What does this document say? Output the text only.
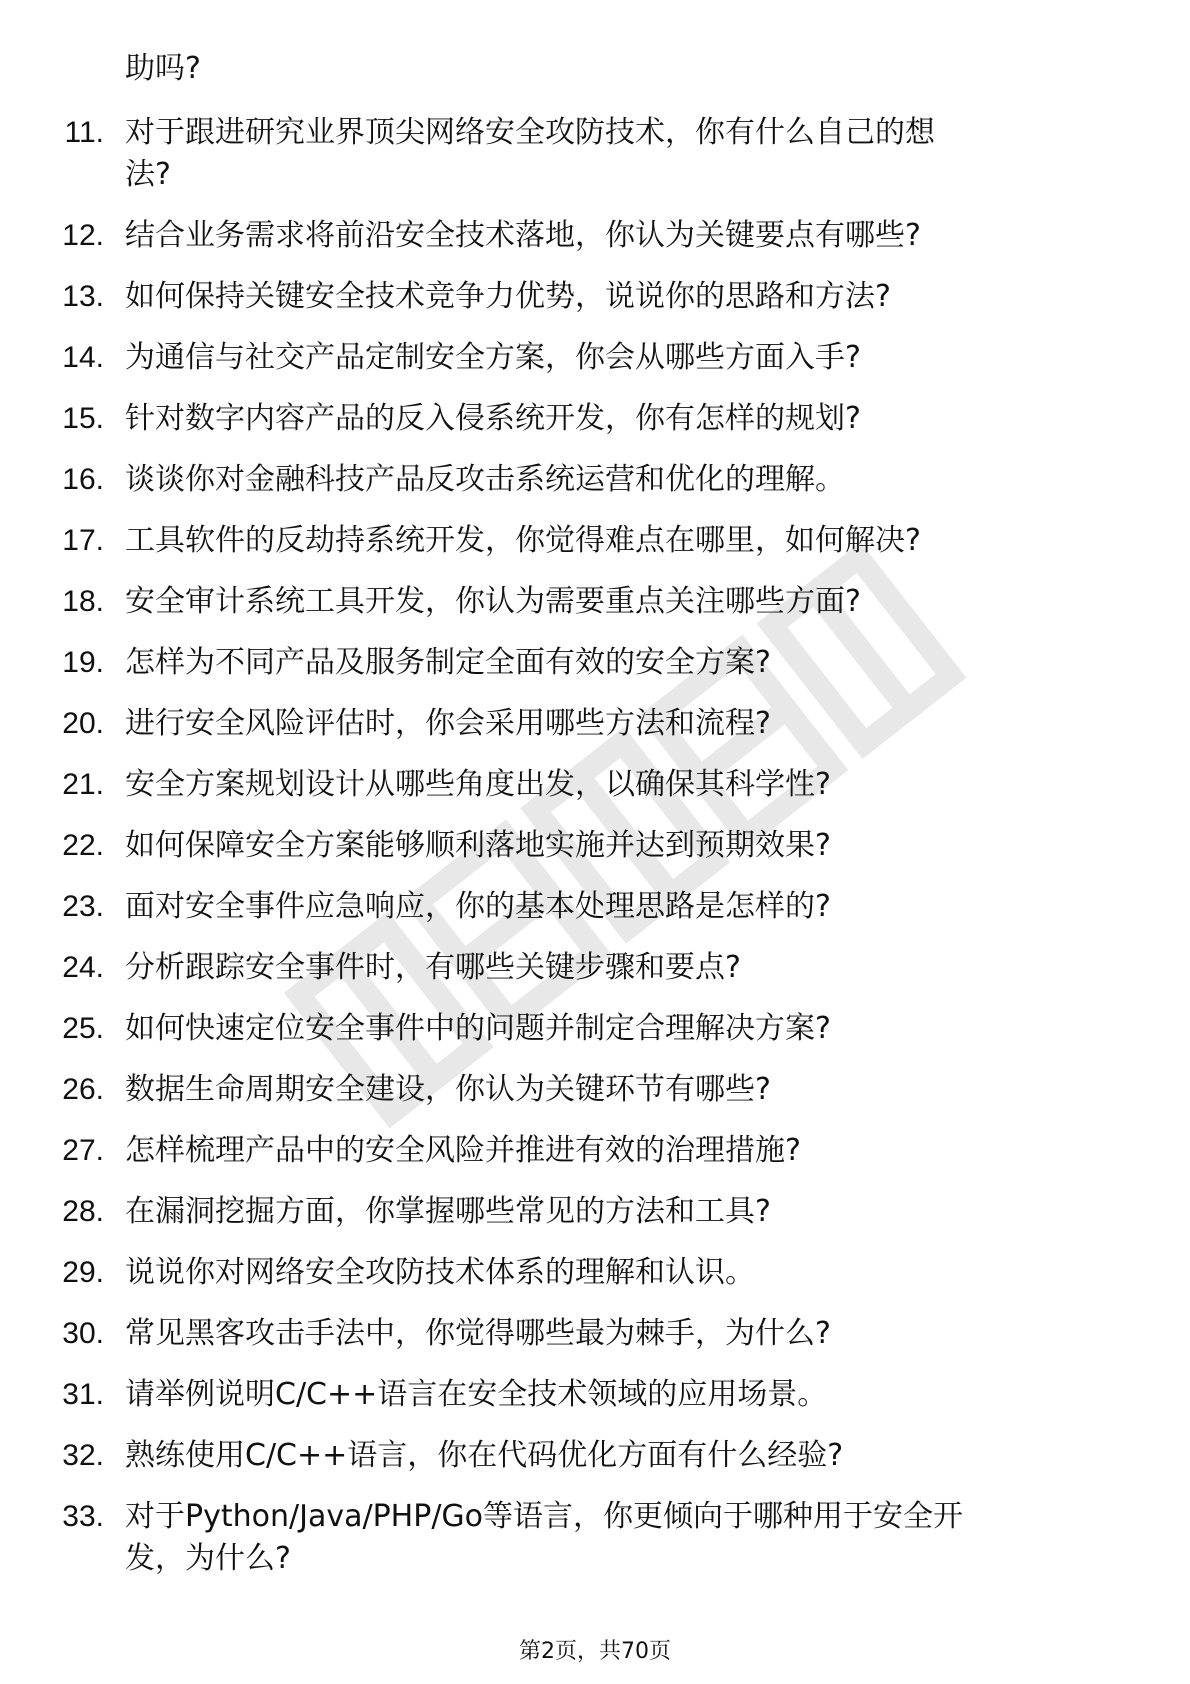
助吗?
11. 对于跟进研究业界顶尖网络安全攻防技术，你有什么自己的想
法?
12. 结合业务需求将前沿安全技术落地，你认为关键要点有哪些?
13. 如何保持关键安全技术竞争力优势，说说你的思路和方法?
14. 为通信与社交产品定制安全方案，你会从哪些方面入手?
15. 针对数字内容产品的反入侵系统开发，你有怎样的规划?
16. 谈谈你对金融科技产品反攻击系统运营和优化的理解。
17. 工具软件的反劫持系统开发，你觉得难点在哪里，如何解决?
18. 安全审计系统工具开发，你认为需要重点关注哪些方面?
19. 怎样为不同产品及服务制定全面有效的安全方案?
20. 进行安全风险评估时，你会采用哪些方法和流程?
21. 安全方案规划设计从哪些角度出发，以确保其科学性?
22. 如何保障安全方案能够顺利落地实施并达到预期效果?
23. 面对安全事件应急响应，你的基本处理思路是怎样的?
24. 分析跟踪安全事件时，有哪些关键步骤和要点?
25. 如何快速定位安全事件中的问题并制定合理解决方案?
26. 数据生命周期安全建设，你认为关键环节有哪些?
27. 怎样梳理产品中的安全风险并推进有效的治理措施?
28. 在漏洞挖掘方面，你掌握哪些常见的方法和工具?
29. 说说你对网络安全攻防技术体系的理解和认识。
30. 常见黑客攻击手法中，你觉得哪些最为棘手，为什么?
31. 请举例说明C/C++语言在安全技术领域的应用场景。
32. 熟练使用C/C++语言，你在代码优化方面有什么经验?
33. 对于Python/Java/PHP/Go等语言，你更倾向于哪种用于安全开
发，为什么?
第2页，共70页
